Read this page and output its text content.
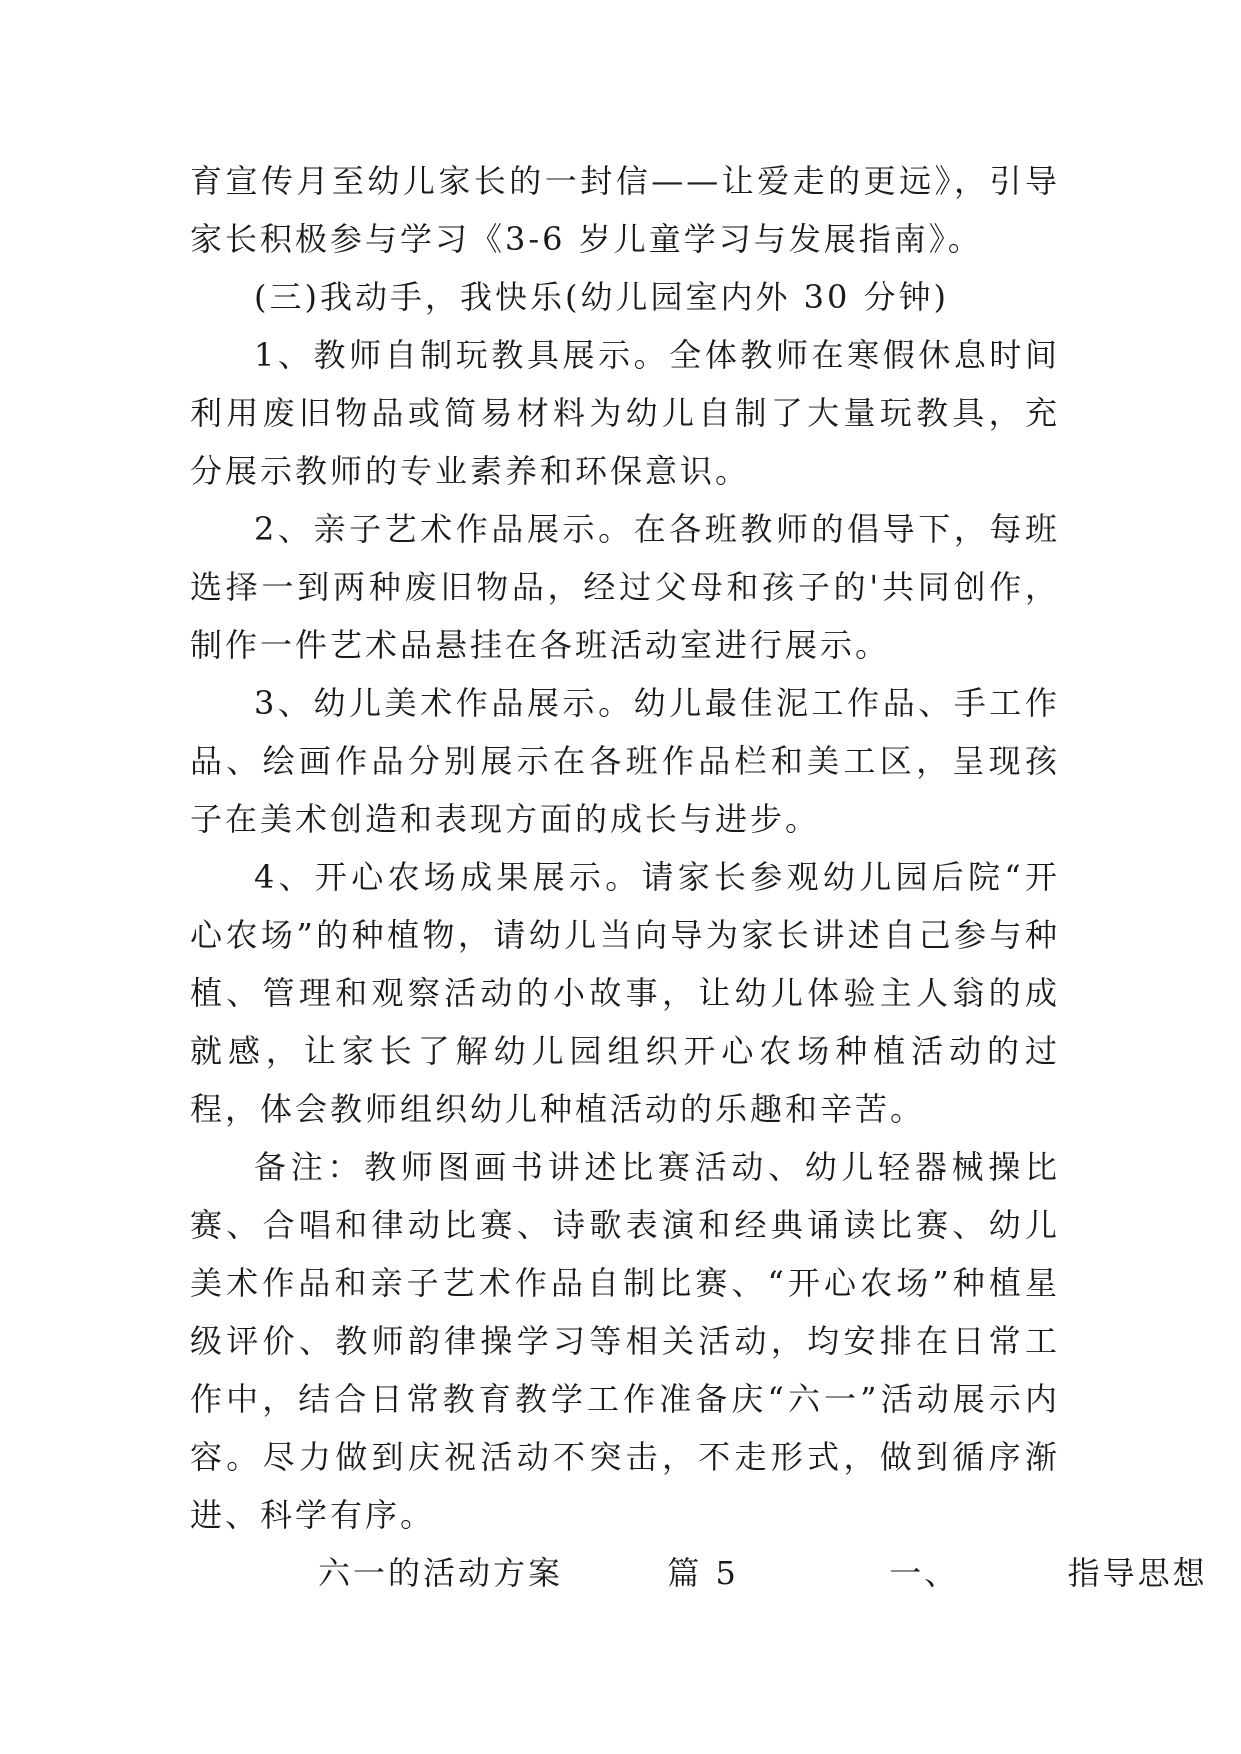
育宣传月至幼儿家长的一封信——让爱走的更远》，引导家长积极参与学习《3-6 岁儿童学习与发展指南》。

(三)我动手，我快乐(幼儿园室内外 30 分钟)

1、教师自制玩教具展示。全体教师在寒假休息时间利用废旧物品或简易材料为幼儿自制了大量玩教具，充分展示教师的专业素养和环保意识。

2、亲子艺术作品展示。在各班教师的倡导下，每班选择一到两种废旧物品，经过父母和孩子的'共同创作，制作一件艺术品悬挂在各班活动室进行展示。

3、幼儿美术作品展示。幼儿最佳泥工作品、手工作品、绘画作品分别展示在各班作品栏和美工区，呈现孩子在美术创造和表现方面的成长与进步。

4、开心农场成果展示。请家长参观幼儿园后院“开心农场”的种植物，请幼儿当向导为家长讲述自己参与种植、管理和观察活动的小故事，让幼儿体验主人翁的成就感，让家长了解幼儿园组织开心农场种植活动的过程，体会教师组织幼儿种植活动的乐趣和辛苦。

备注：教师图画书讲述比赛活动、幼儿轻器械操比赛、合唱和律动比赛、诗歌表演和经典诵读比赛、幼儿美术作品和亲子艺术作品自制比赛、“开心农场”种植星级评价、教师韵律操学习等相关活动，均安排在日常工作中，结合日常教育教学工作准备庆“六一”活动展示内容。尽力做到庆祝活动不突击，不走形式，做到循序渐进、科学有序。

六一的活动方案	篇 5	一、	指导思想
